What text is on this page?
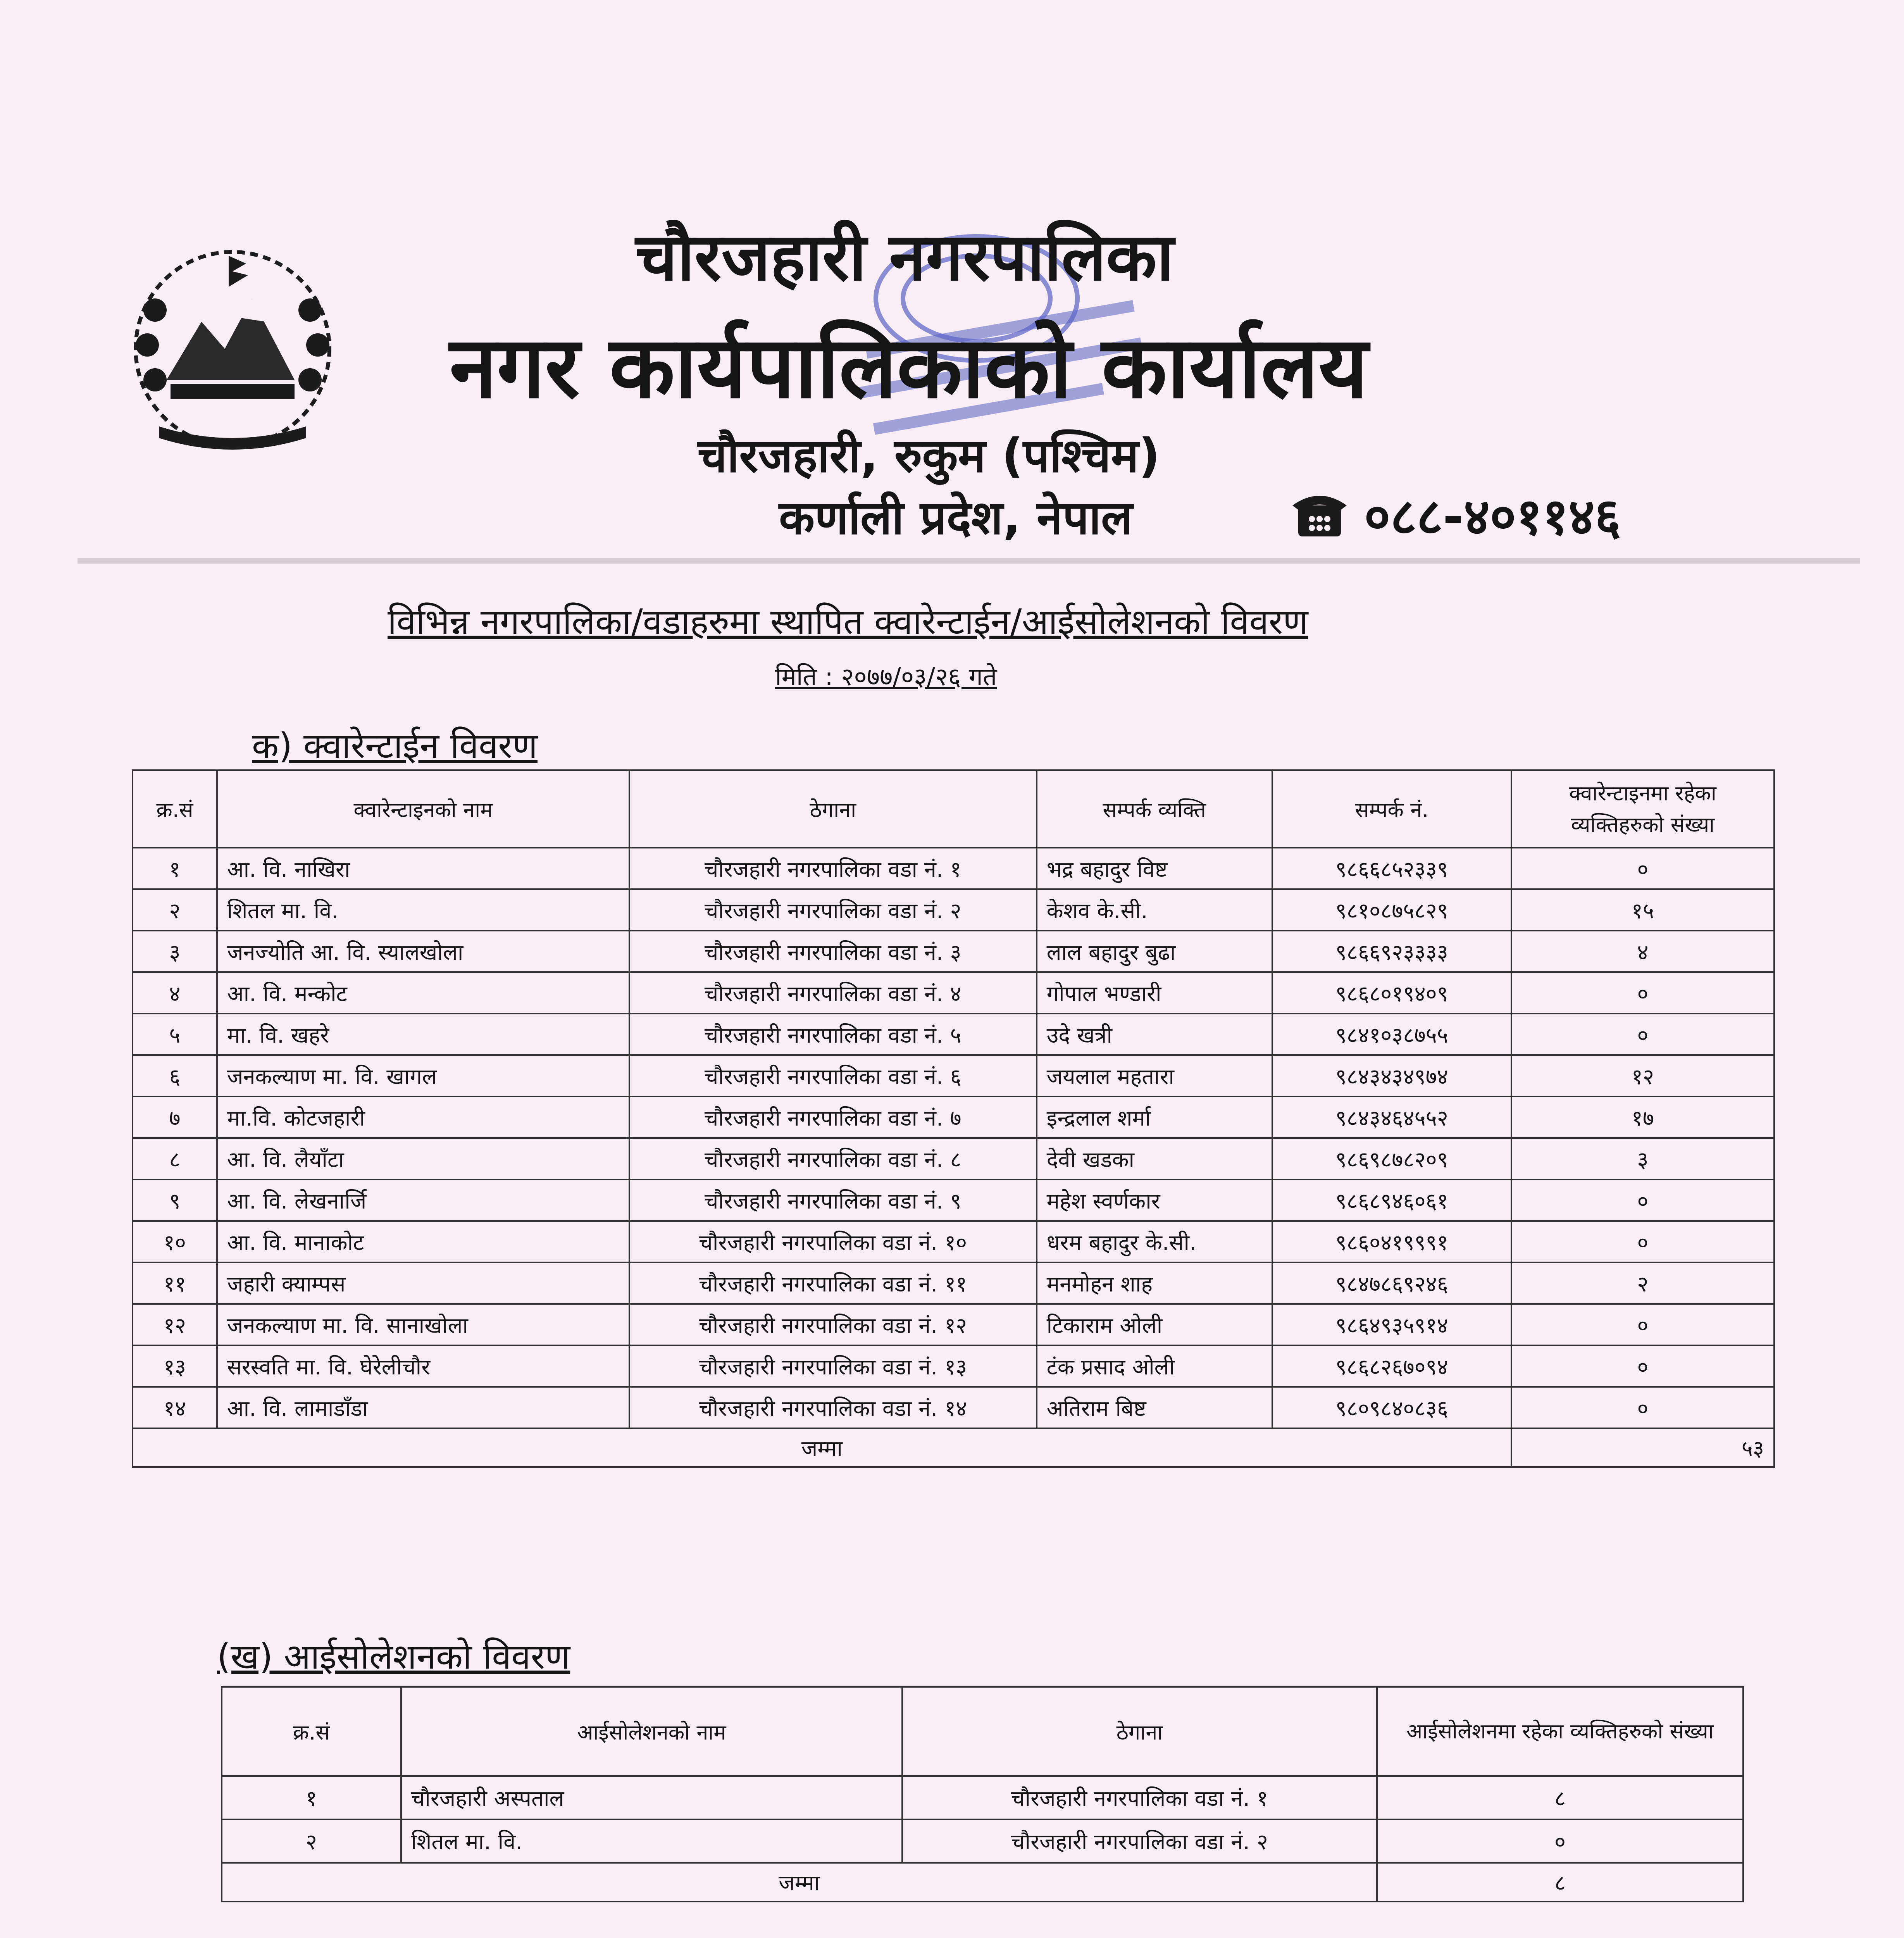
चौरजहारी नगरपालिका
नगर कार्यपालिकाको कार्यालय
चौरजहारी, रुकुम (पश्चिम)
कर्णाली प्रदेश, नेपाल	०८८-४०११४६
विभिन्न नगरपालिका/वडाहरुमा स्थापित क्वारेन्टाईन/आईसोलेशनको विवरण
मिति : २०७७/०३/२६ गते
क) क्वारेन्टाईन विवरण
क्र.सं	क्वारेन्टाइनको नाम	ठेगाना	सम्पर्क व्यक्ति	सम्पर्क नं.	क्वारेन्टाइनमा रहेका व्यक्तिहरुको संख्या
१	आ. वि. नाखिरा	चौरजहारी नगरपालिका वडा नं. १	भद्र बहादुर विष्ट	९८६६८५२३३९	०
२	शितल मा. वि.	चौरजहारी नगरपालिका वडा नं. २	केशव के.सी.	९८१०८७५८२९	१५
३	जनज्योति आ. वि. स्यालखोला	चौरजहारी नगरपालिका वडा नं. ३	लाल बहादुर बुढा	९८६६९२३३३३	४
४	आ. वि. मन्कोट	चौरजहारी नगरपालिका वडा नं. ४	गोपाल भण्डारी	९८६८०१९४०९	०
५	मा. वि. खहरे	चौरजहारी नगरपालिका वडा नं. ५	उदे खत्री	९८४१०३८७५५	०
६	जनकल्याण मा. वि. खागल	चौरजहारी नगरपालिका वडा नं. ६	जयलाल महतारा	९८४३४३४९७४	१२
७	मा.वि. कोटजहारी	चौरजहारी नगरपालिका वडा नं. ७	इन्द्रलाल शर्मा	९८४३४६४५५२	१७
८	आ. वि. लैयाँटा	चौरजहारी नगरपालिका वडा नं. ८	देवी खडका	९८६९८७८२०९	३
९	आ. वि. लेखनार्जि	चौरजहारी नगरपालिका वडा नं. ९	महेश स्वर्णकार	९८६८९४६०६१	०
१०	आ. वि. मानाकोट	चौरजहारी नगरपालिका वडा नं. १०	धरम बहादुर के.सी.	९८६०४१९९९१	०
११	जहारी क्याम्पस	चौरजहारी नगरपालिका वडा नं. ११	मनमोहन शाह	९८४७८६९२४६	२
१२	जनकल्याण मा. वि. सानाखोला	चौरजहारी नगरपालिका वडा नं. १२	टिकाराम ओली	९८६४९३५९१४	०
१३	सरस्वति मा. वि. घेरेलीचौर	चौरजहारी नगरपालिका वडा नं. १३	टंक प्रसाद ओली	९८६८२६७०९४	०
१४	आ. वि. लामाडाँडा	चौरजहारी नगरपालिका वडा नं. १४	अतिराम बिष्ट	९८०९८४०८३६	०
जम्मा					५३
(ख) आईसोलेशनको विवरण
क्र.सं	आईसोलेशनको नाम	ठेगाना	आईसोलेशनमा रहेका व्यक्तिहरुको संख्या
१	चौरजहारी अस्पताल	चौरजहारी नगरपालिका वडा नं. १	८
२	शितल मा. वि.	चौरजहारी नगरपालिका वडा नं. २	०
जम्मा			८
